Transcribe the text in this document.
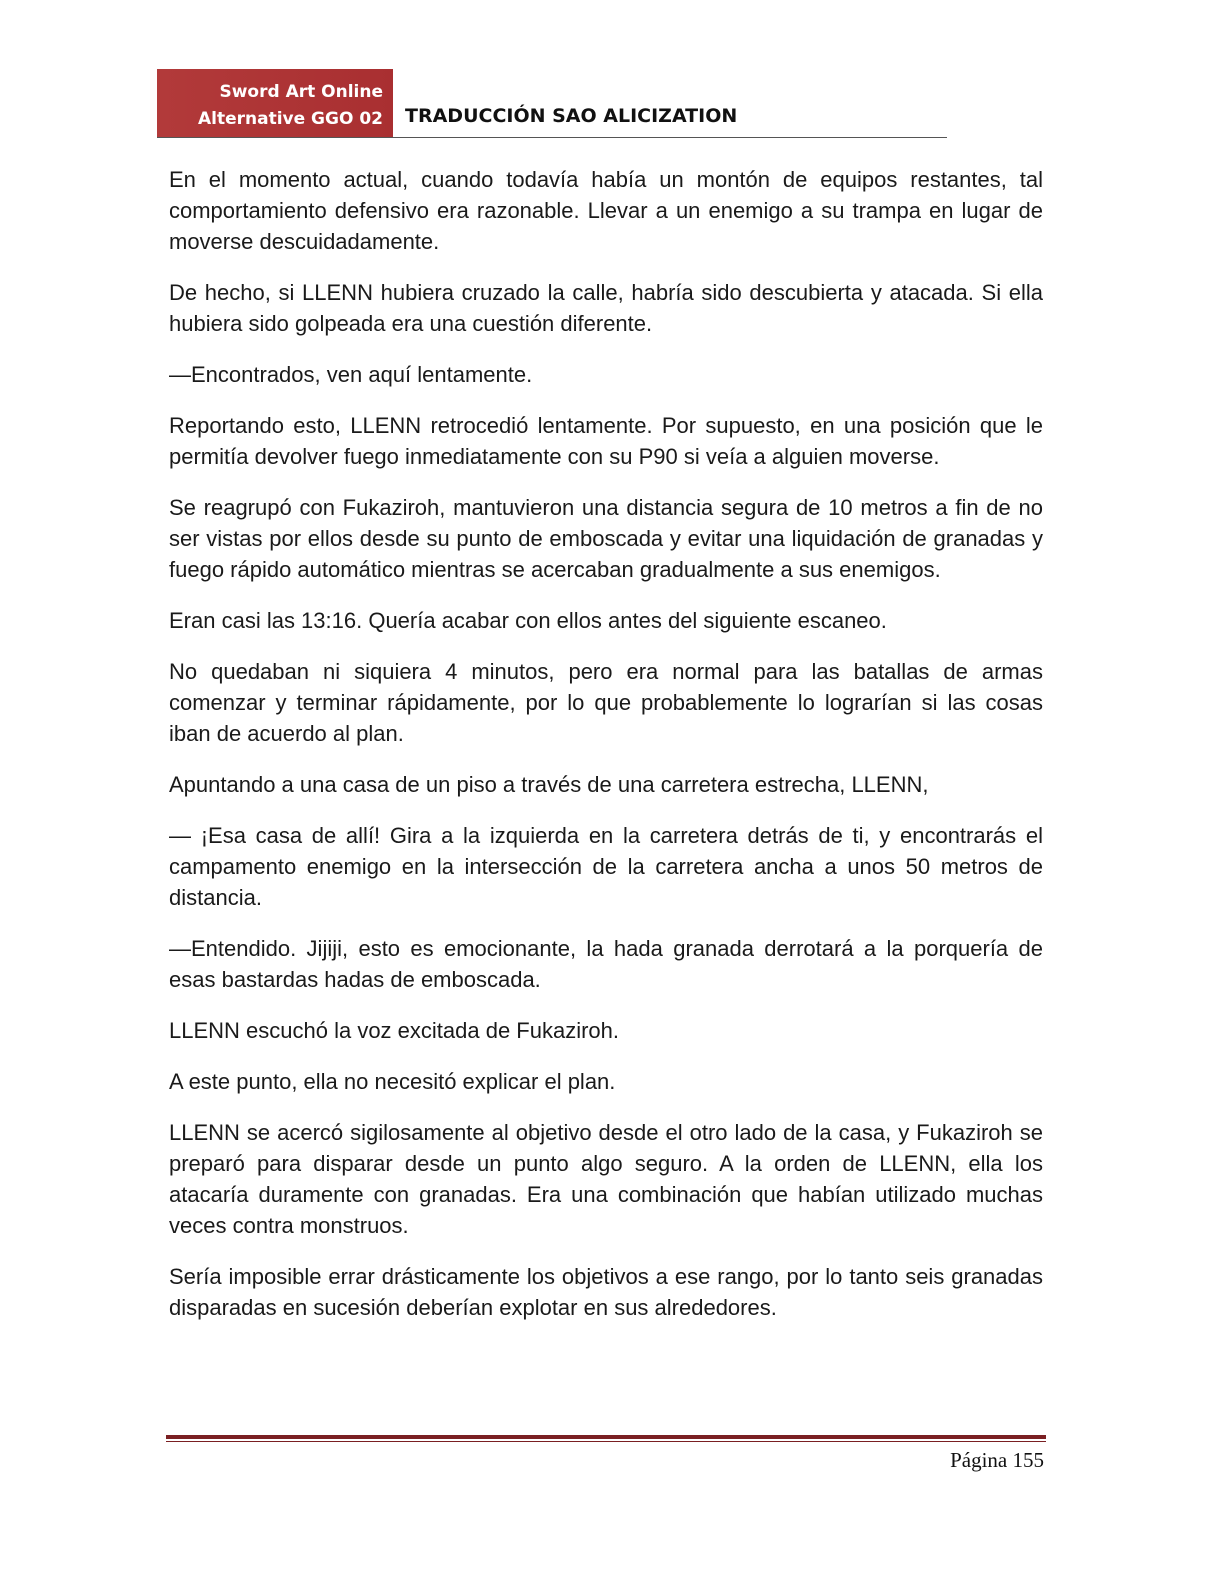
Sword Art Online
Alternative GGO 02 TRADUCCIÓN SAO ALICIZATION

En el momento actual, cuando todavía había un montón de equipos restantes, tal comportamiento defensivo era razonable. Llevar a un enemigo a su trampa en lugar de moverse descuidadamente.

De hecho, si LLENN hubiera cruzado la calle, habría sido descubierta y atacada. Si ella hubiera sido golpeada era una cuestión diferente.

—Encontrados, ven aquí lentamente.

Reportando esto, LLENN retrocedió lentamente. Por supuesto, en una posición que le permitía devolver fuego inmediatamente con su P90 si veía a alguien moverse.

Se reagrupó con Fukaziroh, mantuvieron una distancia segura de 10 metros a fin de no ser vistas por ellos desde su punto de emboscada y evitar una liquidación de granadas y fuego rápido automático mientras se acercaban gradualmente a sus enemigos.

Eran casi las 13:16. Quería acabar con ellos antes del siguiente escaneo.

No quedaban ni siquiera 4 minutos, pero era normal para las batallas de armas comenzar y terminar rápidamente, por lo que probablemente lo lograrían si las cosas iban de acuerdo al plan.

Apuntando a una casa de un piso a través de una carretera estrecha, LLENN,

— ¡Esa casa de allí! Gira a la izquierda en la carretera detrás de ti, y encontrarás el campamento enemigo en la intersección de la carretera ancha a unos 50 metros de distancia.

—Entendido. Jijiji, esto es emocionante, la hada granada derrotará a la porquería de esas bastardas hadas de emboscada.

LLENN escuchó la voz excitada de Fukaziroh.

A este punto, ella no necesitó explicar el plan.

LLENN se acercó sigilosamente al objetivo desde el otro lado de la casa, y Fukaziroh se preparó para disparar desde un punto algo seguro. A la orden de LLENN, ella los atacaría duramente con granadas. Era una combinación que habían utilizado muchas veces contra monstruos.

Sería imposible errar drásticamente los objetivos a ese rango, por lo tanto seis granadas disparadas en sucesión deberían explotar en sus alrededores.

Página 155
